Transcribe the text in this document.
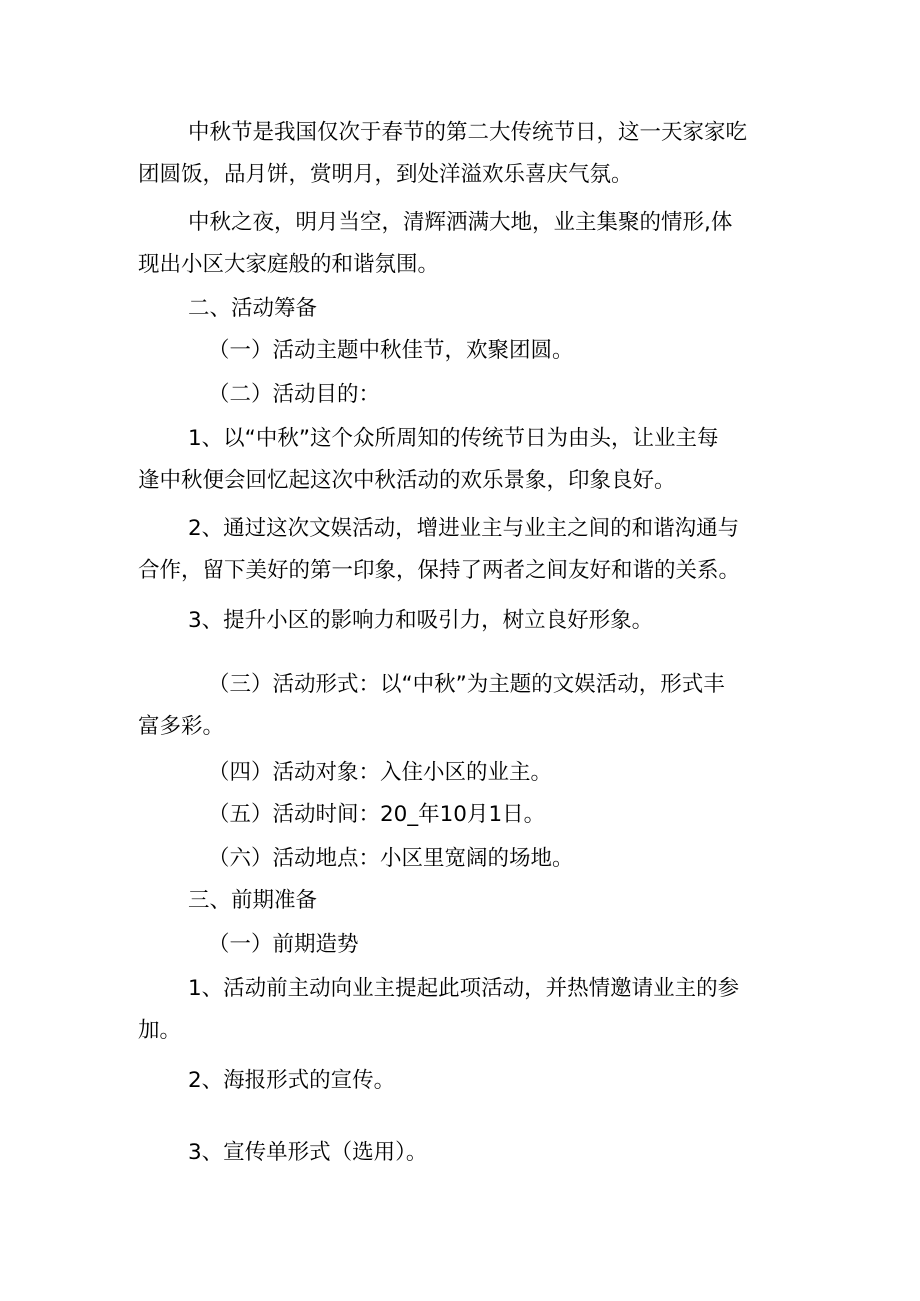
中秋节是我国仅次于春节的第二大传统节日，这一天家家吃

团圆饭，品月饼，赏明月，到处洋溢欢乐喜庆气氛。

中秋之夜，明月当空，清辉洒满大地，业主集聚的情形,体

现出小区大家庭般的和谐氛围。

二、活动筹备

（一）活动主题中秋佳节，欢聚团圆。

（二）活动目的：

1、以“中秋”这个众所周知的传统节日为由头，让业主每

逢中秋便会回忆起这次中秋活动的欢乐景象，印象良好。

2、通过这次文娱活动，增进业主与业主之间的和谐沟通与

合作，留下美好的第一印象，保持了两者之间友好和谐的关系。

3、提升小区的影响力和吸引力，树立良好形象。

（三）活动形式：以“中秋”为主题的文娱活动，形式丰

富多彩。

（四）活动对象：入住小区的业主。

（五）活动时间：20_年10月1日。

（六）活动地点：小区里宽阔的场地。

三、前期准备

（一）前期造势

1、活动前主动向业主提起此项活动，并热情邀请业主的参

加。

2、海报形式的宣传。

3、宣传单形式（选用）。
